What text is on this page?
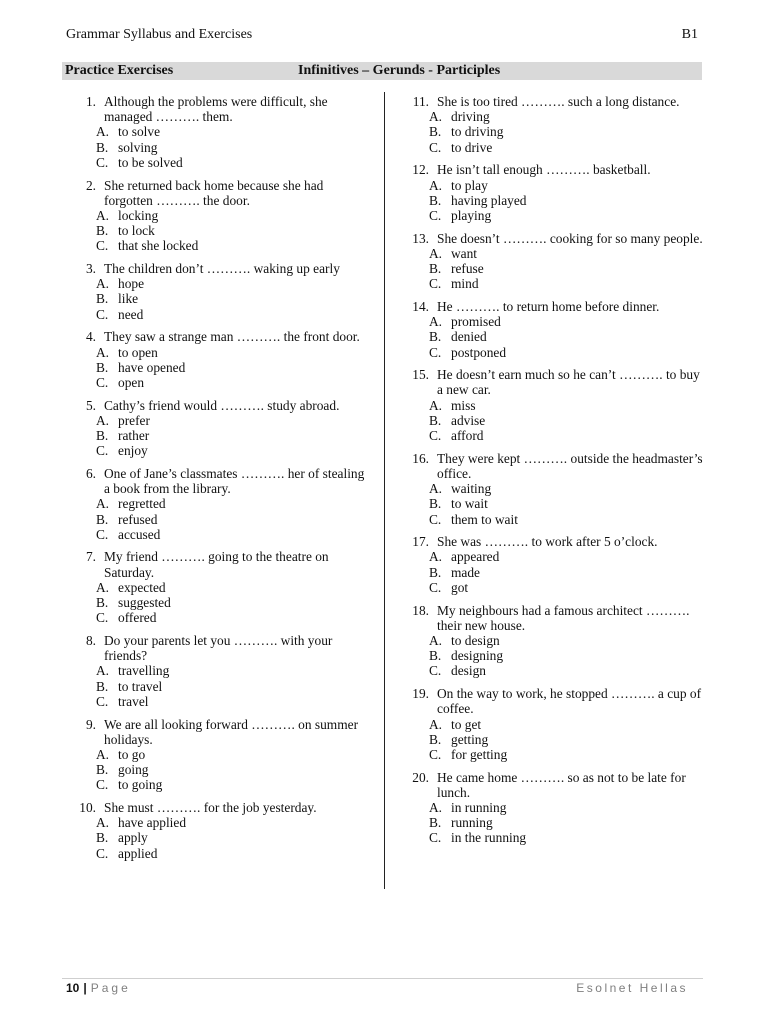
Grammar Syllabus and Exercises	B1
Practice Exercises	Infinitives – Gerunds - Participles
1. Although the problems were difficult, she managed ………. them.
A. to solve
B. solving
C. to be solved
2. She returned back home because she had forgotten ………. the door.
A. locking
B. to lock
C. that she locked
3. The children don’t ………. waking up early
A. hope
B. like
C. need
4. They saw a strange man ………. the front door.
A. to open
B. have opened
C. open
5. Cathy’s friend would ………. study abroad.
A. prefer
B. rather
C. enjoy
6. One of Jane’s classmates ………. her of stealing a book from the library.
A. regretted
B. refused
C. accused
7. My friend ………. going to the theatre on Saturday.
A. expected
B. suggested
C. offered
8. Do your parents let you ………. with your friends?
A. travelling
B. to travel
C. travel
9. We are all looking forward ………. on summer holidays.
A. to go
B. going
C. to going
10. She must ………. for the job yesterday.
A. have applied
B. apply
C. applied
11. She is too tired ………. such a long distance.
A. driving
B. to driving
C. to drive
12. He isn’t tall enough ………. basketball.
A. to play
B. having played
C. playing
13. She doesn’t ………. cooking for so many people.
A. want
B. refuse
C. mind
14. He ………. to return home before dinner.
A. promised
B. denied
C. postponed
15. He doesn’t earn much so he can’t ………. to buy a new car.
A. miss
B. advise
C. afford
16. They were kept ………. outside the headmaster’s office.
A. waiting
B. to wait
C. them to wait
17. She was ………. to work after 5 o’clock.
A. appeared
B. made
C. got
18. My neighbours had a famous architect ………. their new house.
A. to design
B. designing
C. design
19. On the way to work, he stopped ………. a cup of coffee.
A. to get
B. getting
C. for getting
20. He came home ………. so as not to be late for lunch.
A. in running
B. running
C. in the running
10 | Page	Esolnet Hellas
